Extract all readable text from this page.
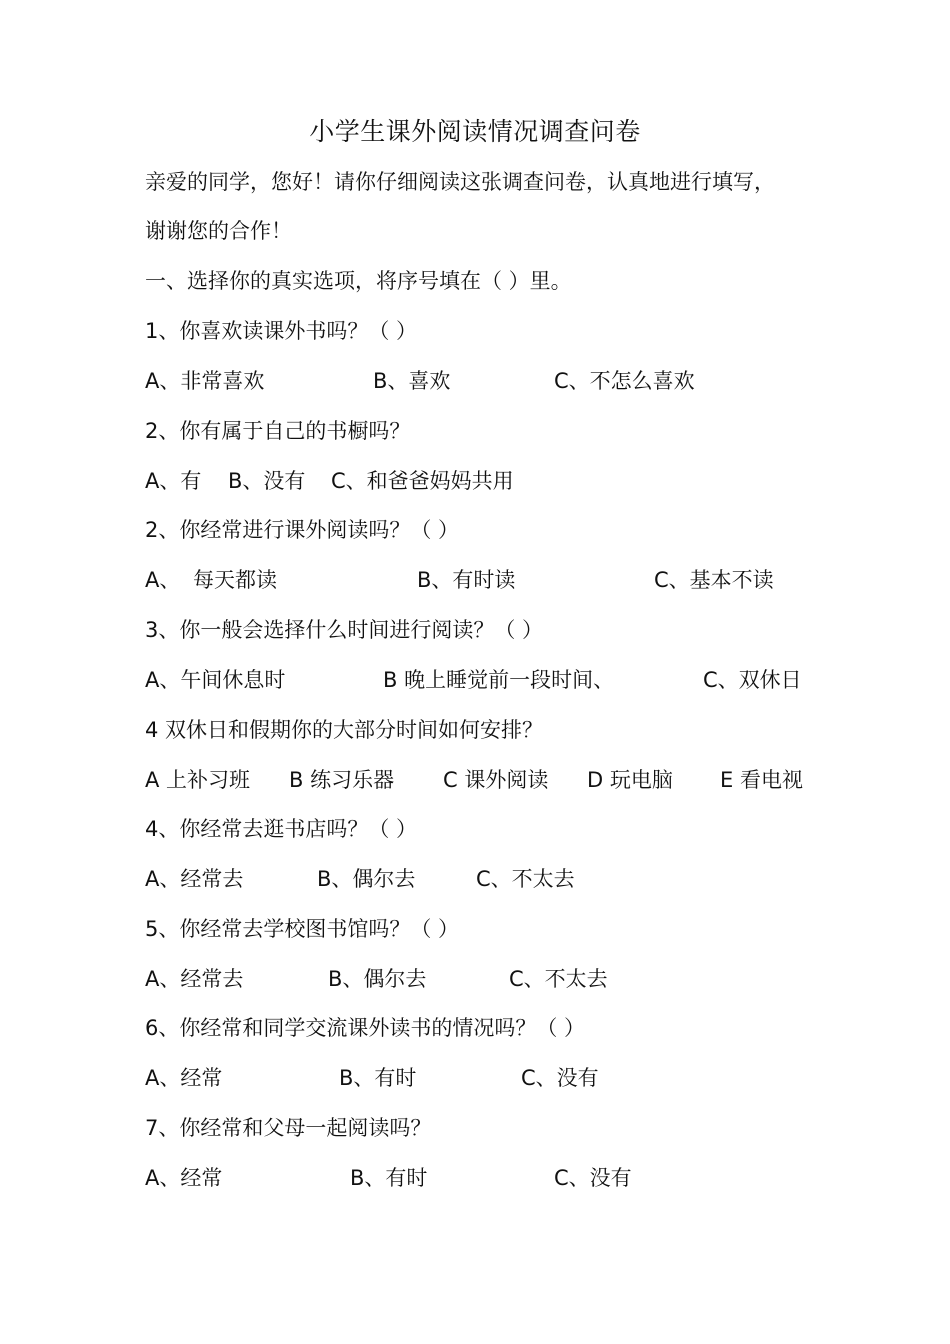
小学生课外阅读情况调查问卷
亲爱的同学，您好！请你仔细阅读这张调查问卷，认真地进行填写，
谢谢您的合作！
一、选择你的真实选项，将序号填在（ ）里。
1、你喜欢读课外书吗？（ ）
A、非常喜欢	B、喜欢	C、不怎么喜欢
2、你有属于自己的书橱吗？
A、有 B、没有 C、和爸爸妈妈共用
2、你经常进行课外阅读吗？（ ）
A、 每天都读	B、有时读	C、基本不读
3、你一般会选择什么时间进行阅读？（ ）
A、午间休息时	B 晚上睡觉前一段时间、	C、双休日
4 双休日和假期你的大部分时间如何安排？
A 上补习班 B 练习乐器 C 课外阅读 D 玩电脑 E 看电视
4、你经常去逛书店吗？（ ）
A、经常去	B、偶尔去	C、不太去
5、你经常去学校图书馆吗？（ ）
A、经常去	B、偶尔去	C、不太去
6、你经常和同学交流课外读书的情况吗？（ ）
A、经常	B、有时	C、没有
7、你经常和父母一起阅读吗？
A、经常	B、有时	C、没有
